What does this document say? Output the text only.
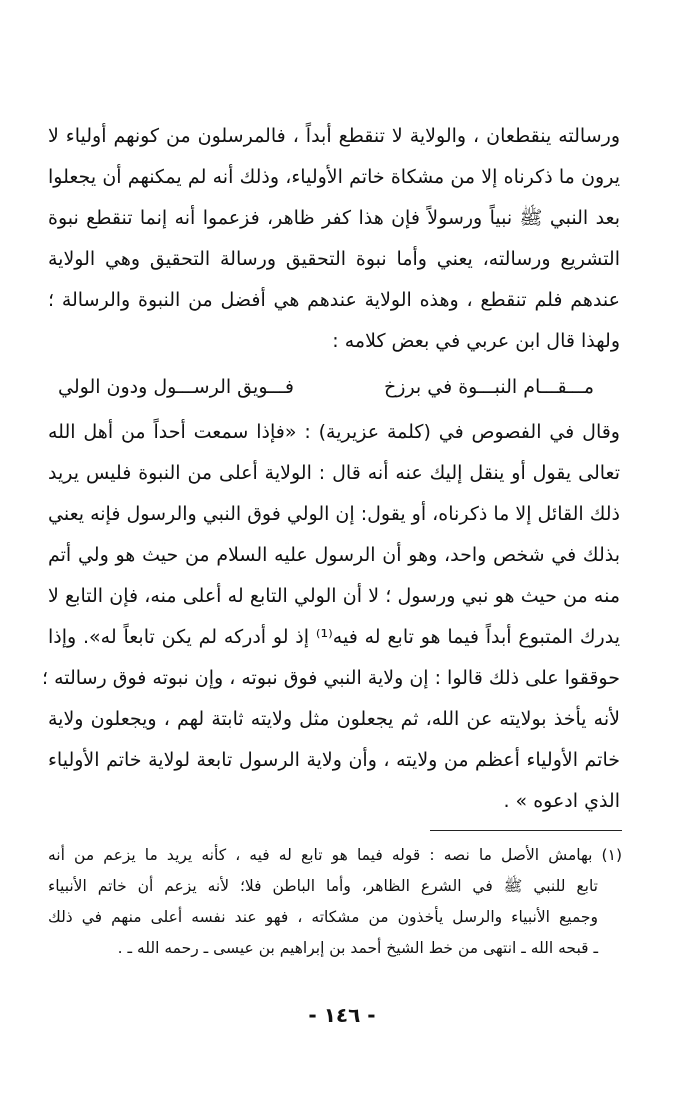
ورسالته ينقطعان ، والولاية لا تنقطع أبداً ، فالمرسلون من كونهم أولياء لا
يرون ما ذكرناه إلا من مشكاة خاتم الأولياء، وذلك أنه لم يمكنهم أن يجعلوا
بعد النبي ﷺ نبياً ورسولاً فإن هذا كفر ظاهر، فزعموا أنه إنما تنقطع نبوة
التشريع ورسالته، يعني وأما نبوة التحقيق ورسالة التحقيق وهي الولاية
عندهم فلم تنقطع ، وهذه الولاية عندهم هي أفضل من النبوة والرسالة ؛
ولهذا قال ابن عربي في بعض كلامه :
مـــقـــام النبـــوة في برزخ
فـــويق الرســـول ودون الولي
وقال في الفصوص في (كلمة عزيرية) : «فإذا سمعت أحداً من أهل الله
تعالى يقول أو ينقل إليك عنه أنه قال : الولاية أعلى من النبوة فليس يريد
ذلك القائل إلا ما ذكرناه، أو يقول: إن الولي فوق النبي والرسول فإنه يعني
بذلك في شخص واحد، وهو أن الرسول عليه السلام من حيث هو ولي أتم
منه من حيث هو نبي ورسول ؛ لا أن الولي التابع له أعلى منه، فإن التابع لا
يدرك المتبوع أبداً فيما هو تابع له فيه⁽¹⁾ إذ لو أدركه لم يكن تابعاً له». وإذا
حوققوا على ذلك قالوا : إن ولاية النبي فوق نبوته ، وإن نبوته فوق رسالته ؛
لأنه يأخذ بولايته عن الله، ثم يجعلون مثل ولايته ثابتة لهم ، ويجعلون ولاية
خاتم الأولياء أعظم من ولايته ، وأن ولاية الرسول تابعة لولاية خاتم الأولياء
الذي ادعوه » .
(١) بهامش الأصل ما نصه : قوله فيما هو تابع له فيه ، كأنه يريد ما يزعم من أنه
تابع للنبي ﷺ في الشرع الظاهر، وأما الباطن فلا؛ لأنه يزعم أن خاتم الأنبياء
وجميع الأنبياء والرسل يأخذون من مشكاته ، فهو عند نفسه أعلى منهم في ذلك
ـ قبحه الله ـ انتهى من خط الشيخ أحمد بن إبراهيم بن عيسى ـ رحمه الله ـ .
- ١٤٦ -
